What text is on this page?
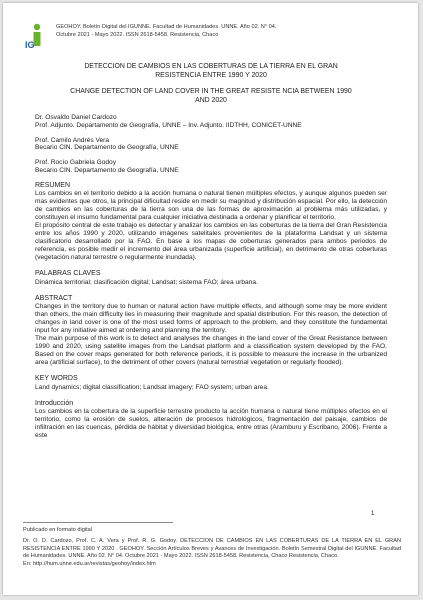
IG
GEOHOY. Boletín Digital del IGUNNE. Facultad de Humanidades. UNNE. Año 02. N° 04.
Octubre 2021 - Mayo 2022. ISSN 2618-5458. Resistencia, Chaco
DETECCION DE CAMBIOS EN LAS COBERTURAS DE LA TIERRA EN EL GRAN
RESISTENCIA ENTRE 1990 Y 2020
CHANGE DETECTION OF LAND COVER IN THE GREAT RESISTE NCIA BETWEEN 1990
AND 2020
Dr. Osvaldo Daniel Cardozo
Prof. Adjunto. Departamento de Geografía, UNNE – Inv. Adjunto. IIDTHH, CONICET-UNNE
Prof. Camilo Andrés Vera
Becario CIN. Departamento de Geografía, UNNE
Prof. Rocío Gabriela Godoy
Becario CIN. Departamento de Geografía, UNNE
RESUMEN
Los cambios en el territorio debido a la acción humana o natural tienen múltiples efectos, y aunque algunos pueden ser mas evidentes que otros, la principal dificultad reside en medir su magnitud y distribución espacial. Por ello, la detección de cambios en las coberturas de la tierra son una de las formas de aproximación al problema más utilizadas, y constituyen el insumo fundamental para cualquier iniciativa destinada a ordenar y planificar el territorio.
El propósito central de este trabajo es detectar y analizar los cambios en las coberturas de la tierra del Gran Resistencia entre los años 1990 y 2020, utilizando imágenes satelitales provenientes de la plataforma Landsat y un sistema clasificatorio desarrollado por la FAO. En base a los mapas de coberturas generados para ambos periodos de referencia, es posible medir el incremento del área urbanizada (superficie artificial), en detrimento de otras coberturas (vegetación natural terrestre o regularmente inundada).
PALABRAS CLAVES
Dinámica territorial; clasificación digital; Landsat; sistema FAO; área urbana.
ABSTRACT
Changes in the territory due to human or natural action have multiple effects, and although some may be more evident than others, the main difficulty lies in measuring their magnitude and spatial distribution. For this reason, the detection of changes in land cover is one of the most used forms of approach to the problem, and they constitute the fundamental input for any initiative aimed at ordering and planning the territory.
The main purpose of this work is to detect and analyses the changes in the land cover of the Great Resistance between 1990 and 2020, using satellite images from the Landsat platform and a classification system developed by the FAO. Based on the cover maps generated for both reference periods, it is possible to measure the increase in the urbanized area (artificial surface), to the detriment of other covers (natural terrestrial vegetation or regularly flooded).
KEY WORDS
Land dynamics; digital classification; Landsat imagery; FAO system; urban area.
Introducción
Los cambios en la cobertura de la superficie terrestre producto la acción humana o natural tiene múltiples efectos en el territorio, como la erosión de suelos, alteración de procesos hidrológicos, fragmentación del paisaje, cambios de infiltración en las cuencas, pérdida de hábitat y diversidad biológica, entre otras (Aramburu y Escribano, 2006). Frente a este
1
Publicado en formato digital
Dr. O. D. Cardozo, Prof. C. A. Vera y Prof. R. G. Godoy. DETECCION DE CAMBIOS EN LAS COBERTURAS DE LA TIERRA EN EL GRAN RESISTENCIA ENTRE 1990 Y 2020 . GEOHOY. Sección Artículos Breves y Avances de Investigación. Boletín Semestral Digital del IGUNNE. Facultad de Humanidades. UNNE. Año 02. N° 04. Octubre 2021 - Mayo 2022. ISSN 2618-5458. Resistencia, Chaco Resistencia, Chaco.
En: http://hum.unne.edu.ar/revistas/geohoy/index.htm
